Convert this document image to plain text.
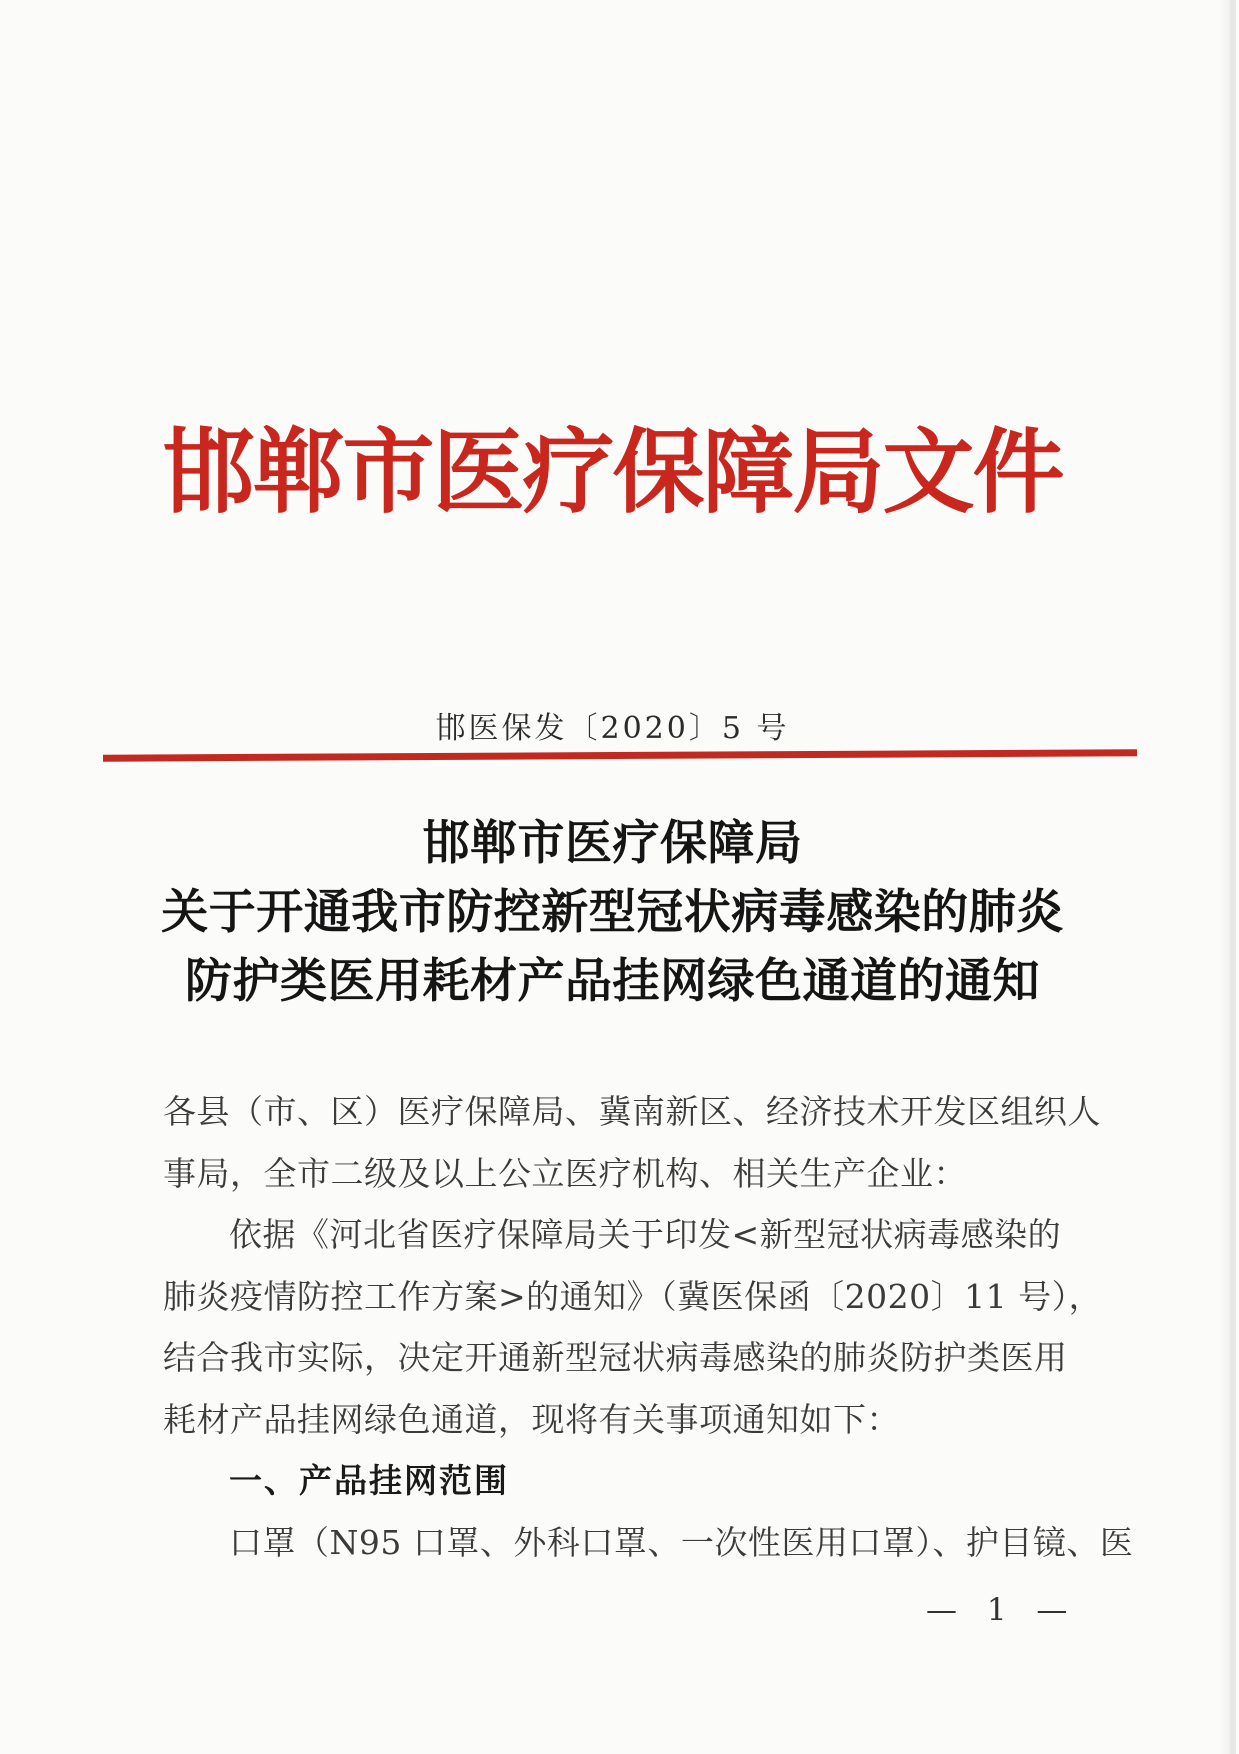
邯郸市医疗保障局文件
邯医保发〔2020〕5 号
邯郸市医疗保障局
关于开通我市防控新型冠状病毒感染的肺炎
防护类医用耗材产品挂网绿色通道的通知
各县（市、区）医疗保障局、冀南新区、经济技术开发区组织人
事局，全市二级及以上公立医疗机构、相关生产企业：
依据《河北省医疗保障局关于印发<新型冠状病毒感染的
肺炎疫情防控工作方案>的通知》（冀医保函〔2020〕11 号），
结合我市实际，决定开通新型冠状病毒感染的肺炎防护类医用
耗材产品挂网绿色通道，现将有关事项通知如下：
一、产品挂网范围
口罩（N95 口罩、外科口罩、一次性医用口罩）、护目镜、医
— 1 —
